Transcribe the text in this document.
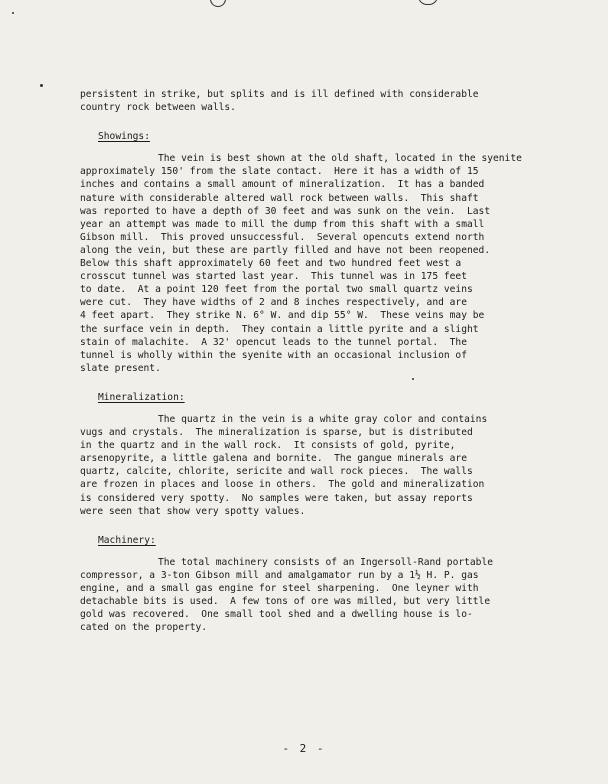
persistent in strike, but splits and is ill defined with considerable
country rock between walls.

Showings:

The vein is best shown at the old shaft, located in the syenite
approximately 150' from the slate contact.  Here it has a width of 15
inches and contains a small amount of mineralization.  It has a banded
nature with considerable altered wall rock between walls.  This shaft
was reported to have a depth of 30 feet and was sunk on the vein.  Last
year an attempt was made to mill the dump from this shaft with a small
Gibson mill.  This proved unsuccessful.  Several opencuts extend north
along the vein, but these are partly filled and have not been reopened.
Below this shaft approximately 60 feet and two hundred feet west a
crosscut tunnel was started last year.  This tunnel was in 175 feet
to date.  At a point 120 feet from the portal two small quartz veins
were cut.  They have widths of 2 and 8 inches respectively, and are
4 feet apart.  They strike N. 6° W. and dip 55° W.  These veins may be
the surface vein in depth.  They contain a little pyrite and a slight
stain of malachite.  A 32' opencut leads to the tunnel portal.  The
tunnel is wholly within the syenite with an occasional inclusion of
slate present.

Mineralization:

The quartz in the vein is a white gray color and contains
vugs and crystals.  The mineralization is sparse, but is distributed
in the quartz and in the wall rock.  It consists of gold, pyrite,
arsenopyrite, a little galena and bornite.  The gangue minerals are
quartz, calcite, chlorite, sericite and wall rock pieces.  The walls
are frozen in places and loose in others.  The gold and mineralization
is considered very spotty.  No samples were taken, but assay reports
were seen that show very spotty values.

Machinery:

The total machinery consists of an Ingersoll-Rand portable
compressor, a 3-ton Gibson mill and amalgamator run by a 1½ H. P. gas
engine, and a small gas engine for steel sharpening.  One leyner with
detachable bits is used.  A few tons of ore was milled, but very little
gold was recovered.  One small tool shed and a dwelling house is lo-
cated on the property.

- 2 -
